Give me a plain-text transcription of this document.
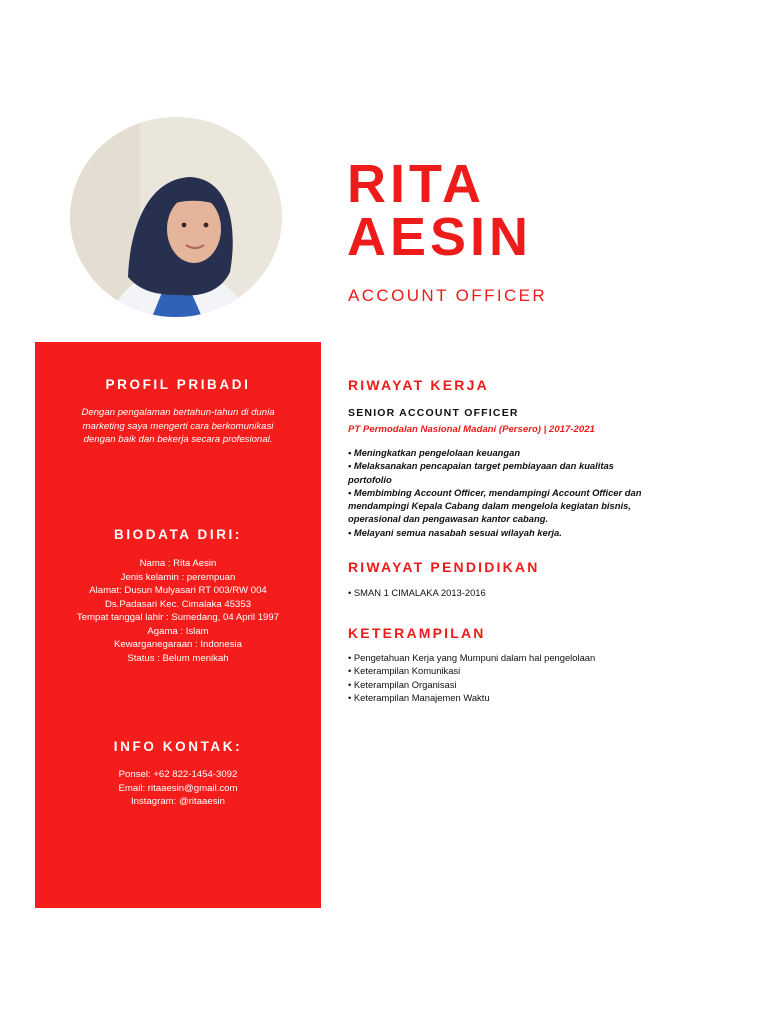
RITA
AESIN
ACCOUNT OFFICER
PROFIL PRIBADI
Dengan pengalaman bertahun-tahun di dunia
marketing saya mengerti cara berkomunikasi
dengan baik dan bekerja secara profesional.
BIODATA DIRI:
Nama : Rita Aesin
Jenis kelamin : perempuan
Alamat: Dusun Mulyasari RT 003/RW 004
Ds.Padasari Kec. Cimalaka 45353
Tempat tanggal lahir : Sumedang, 04 April 1997
Agama : Islam
Kewarganegaraan : Indonesia
Status : Belum menikah
INFO KONTAK:
Ponsel: +62 822-1454-3092
Email: ritaaesin@gmail.com
Instagram: @ritaaesin
RIWAYAT KERJA
SENIOR ACCOUNT OFFICER
PT Permodalan Nasional Madani (Persero) | 2017-2021
• Meningkatkan pengelolaan keuangan
• Melaksanakan pencapaian target pembiayaan dan kualitas
portofolio
• Membimbing Account Officer, mendampingi Account Officer dan
mendampingi Kepala Cabang dalam mengelola kegiatan bisnis,
operasional dan pengawasan kantor cabang.
• Melayani semua nasabah sesuai wilayah kerja.
RIWAYAT PENDIDIKAN
• SMAN 1 CIMALAKA 2013-2016
KETERAMPILAN
• Pengetahuan Kerja yang Mumpuni dalam hal pengelolaan
• Keterampilan Komunikasi
• Keterampilan Organisasi
• Keterampilan Manajemen Waktu
